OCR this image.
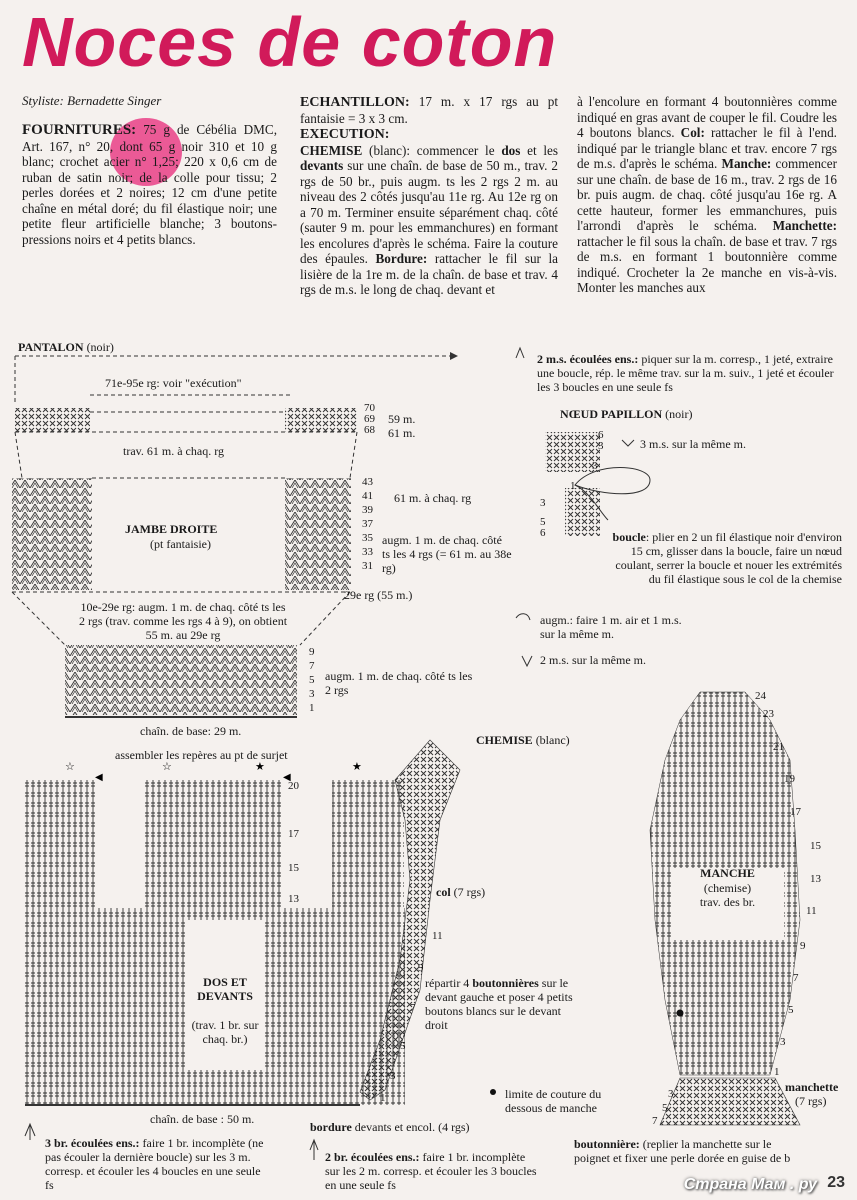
Noces de coton
Styliste: Bernadette Singer
FOURNITURES: 75 g de Cébélia DMC, Art. 167, n° 20, dont 65 g noir 310 et 10 g blanc; crochet acier n° 1,25; 220 x 0,6 cm de ruban de satin noir; de la colle pour tissu; 2 perles dorées et 2 noires; 12 cm d'une petite chaîne en métal doré; du fil élastique noir; une petite fleur artificielle blanche; 3 boutons-pressions noirs et 4 petits blancs.
ECHANTILLON: 17 m. x 17 rgs au pt fantaisie = 3 x 3 cm.
EXECUTION:
CHEMISE (blanc): commencer le dos et les devants sur une chaîn. de base de 50 m., trav. 2 rgs de 50 br., puis augm. ts les 2 rgs 2 m. au niveau des 2 côtés jusqu'au 11e rg. Au 12e rg on a 70 m. Terminer ensuite séparément chaq. côté (sauter 9 m. pour les emmanchures) en formant les encolures d'après le schéma. Faire la couture des épaules. Bordure: rattacher le fil sur la lisière de la 1re m. de la chaîn. de base et trav. 4 rgs de m.s. le long de chaq. devant et
à l'encolure en formant 4 boutonnières comme indiqué en gras avant de couper le fil. Coudre les 4 boutons blancs. Col: rattacher le fil à l'end. indiqué par le triangle blanc et trav. encore 7 rgs de m.s. d'après le schéma. Manche: commencer sur une chaîn. de base de 16 m., trav. 2 rgs de 16 br. puis augm. de chaq. côté jusqu'au 16e rg. A cette hauteur, former les emmanchures, puis l'arrondi d'après le schéma. Manchette: rattacher le fil sous la chaîn. de base et trav. 7 rgs de m.s. en formant 1 boutonnière comme indiqué. Crocheter la 2e manche en vis-à-vis. Monter les manches aux
☆	☆	★	★
◀	◀
PANTALON (noir)
71e-95e rg: voir "exécution"
70
69
68
59 m.
61 m.
trav. 61 m. à chaq. rg
43
41
39
37
35
33
31
61 m. à chaq. rg
augm. 1 m. de chaq. côté ts les 4 rgs (= 61 m. au 38e rg)
JAMBE DROITE
(pt fantaisie)
29e rg (55 m.)
10e-29e rg: augm. 1 m. de chaq. côté ts les 2 rgs (trav. comme les rgs 4 à 9), on obtient 55 m. au 29e rg
9
7
5
3
1
augm. 1 m. de chaq. côté ts les 2 rgs
chaîn. de base: 29 m.
2 m.s. écoulées ens.: piquer sur la m. corresp., 1 jeté, extraire une boucle, rép. le même trav. sur la m. suiv., 1 jeté et écouler les 3 boucles en une seule fs
NŒUD PAPILLON (noir)
3 m.s. sur la même m.
boucle: plier en 2 un fil élastique noir d'environ 15 cm, glisser dans la boucle, faire un nœud coulant, serrer la boucle et nouer les extrémités du fil élastique sous le col de la chemise
augm.: faire 1 m. air et 1 m.s. sur la même m.
2 m.s. sur la même m.
6
3
3
1
3
5
6
CHEMISE (blanc)
assembler les repères au pt de surjet
20
17
15
13
11
9
7
5
3
1
col (7 rgs)
DOS ET
DEVANTS
(trav. 1 br. sur
chaq. br.)
répartir 4 boutonnières sur le devant gauche et poser 4 petits boutons blancs sur le devant droit
chaîn. de base : 50 m.
bordure devants et encol. (4 rgs)
24
23
21
19
17
15
13
11
9
7
5
3
1
MANCHE
(chemise)
trav. des br.
3
5
7
manchette
(7 rgs)
limite de couture du dessous de manche
boutonnière: (replier la manchette sur le poignet et fixer une perle dorée en guise de b
3 br. écoulées ens.: faire 1 br. incomplète (ne pas écouler la dernière boucle) sur les 3 m. corresp. et écouler les 4 boucles en une seule fs
2 br. écoulées ens.: faire 1 br. incomplète sur les 2 m. corresp. et écouler les 3 boucles en une seule fs	23
Страна Мам . ру
